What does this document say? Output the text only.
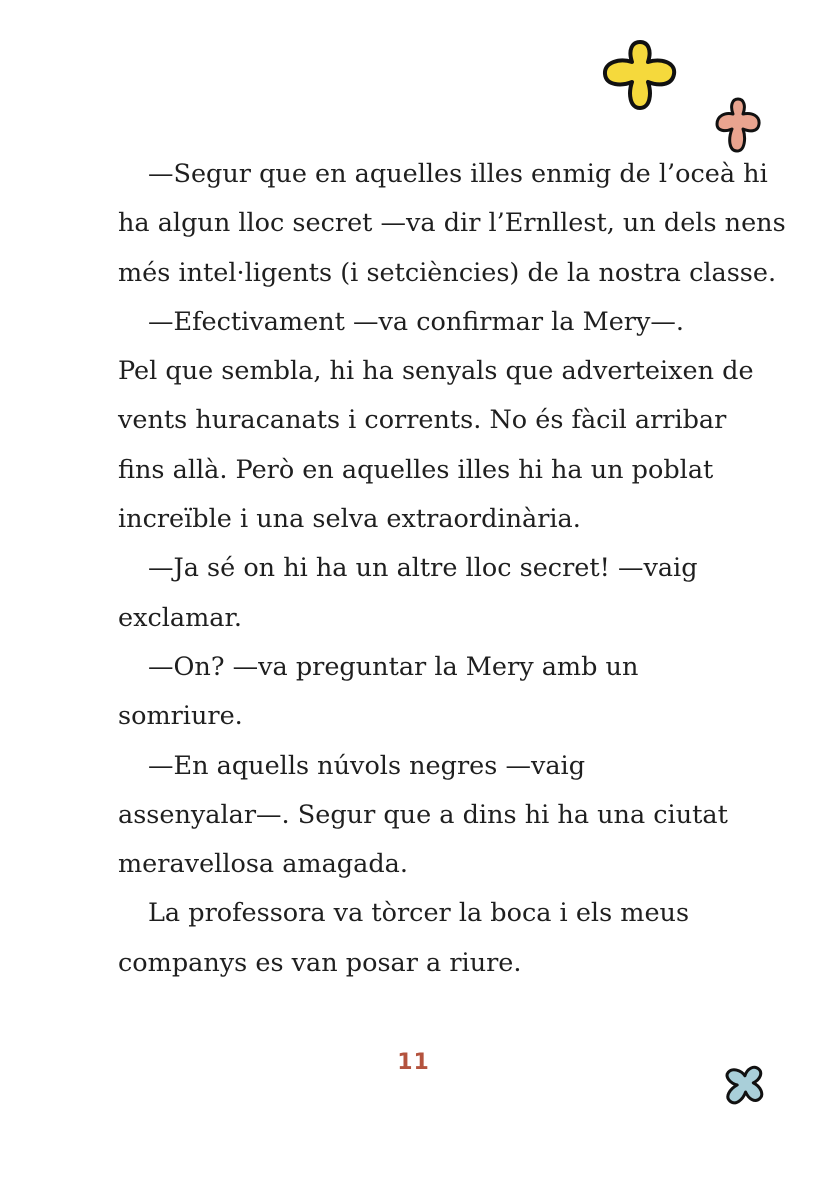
—Segur que en aquelles illes enmig de l’oceà hi
ha algun lloc secret —va dir l’Ernllest, un dels nens
més intel·ligents (i setciències) de la nostra classe.
—Efectivament —va confirmar la Mery—.
Pel que sembla, hi ha senyals que adverteixen de
vents huracanats i corrents. No és fàcil arribar
fins allà. Però en aquelles illes hi ha un poblat
increïble i una selva extraordinària.
—Ja sé on hi ha un altre lloc secret! —vaig
exclamar.
—On? —va preguntar la Mery amb un
somriure.
—En aquells núvols negres —vaig
assenyalar—. Segur que a dins hi ha una ciutat
meravellosa amagada.
La professora va tòrcer la boca i els meus
companys es van posar a riure.
11
